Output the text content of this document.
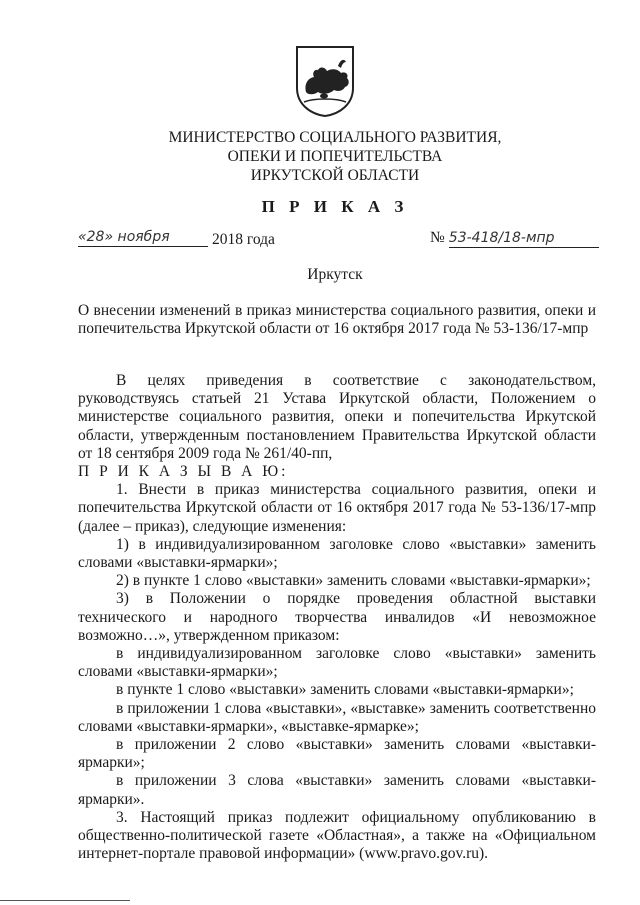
МИНИСТЕРСТВО СОЦИАЛЬНОГО РАЗВИТИЯ,
ОПЕКИ И ПОПЕЧИТЕЛЬСТВА
ИРКУТСКОЙ ОБЛАСТИ
П Р И К А З
«28» ноября	2018 года	№ 53-418/18-мпр
Иркутск
О внесении изменений в приказ министерства социального развития, опеки и попечительства Иркутской области от 16 октября 2017 года № 53-136/17-мпр

В целях приведения в соответствие с законодательством, руководствуясь статьей 21 Устава Иркутской области, Положением о министерстве социального развития, опеки и попечительства Иркутской области, утвержденным постановлением Правительства Иркутской области от 18 сентября 2009 года № 261/40-пп,

П Р И К А З Ы В А Ю:

1. Внести в приказ министерства социального развития, опеки и попечительства Иркутской области от 16 октября 2017 года № 53-136/17-мпр (далее – приказ), следующие изменения:

1) в индивидуализированном заголовке слово «выставки» заменить словами «выставки-ярмарки»;

2) в пункте 1 слово «выставки» заменить словами «выставки-ярмарки»;

3) в Положении о порядке проведения областной выставки технического и народного творчества инвалидов «И невозможное возможно…», утвержденном приказом:

в индивидуализированном заголовке слово «выставки» заменить словами «выставки-ярмарки»;

в пункте 1 слово «выставки» заменить словами «выставки-ярмарки»;

в приложении 1 слова «выставки», «выставке» заменить соответственно словами «выставки-ярмарки», «выставке-ярмарке»;

в приложении 2 слово «выставки» заменить словами «выставки-ярмарки»;

в приложении 3 слова «выставки» заменить словами «выставки-ярмарки».

3. Настоящий приказ подлежит официальному опубликованию в общественно-политической газете «Областная», а также на «Официальном интернет-портале правовой информации» (www.pravo.gov.ru).
